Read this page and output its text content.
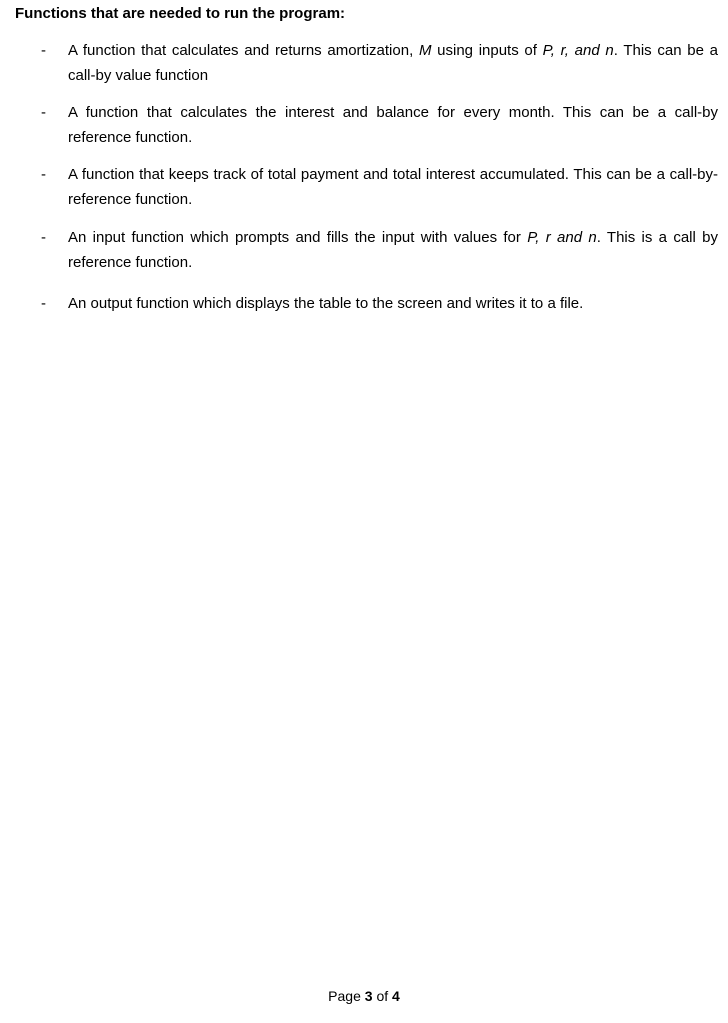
Functions that are needed to run the program:
- A function that calculates and returns amortization, M using inputs of P, r, and n. This can be a call-by value function
- A function that calculates the interest and balance for every month. This can be a call-by reference function.
- A function that keeps track of total payment and total interest accumulated. This can be a call-by-reference function.
- An input function which prompts and fills the input with values for P, r and n. This is a call by reference function.
- An output function which displays the table to the screen and writes it to a file.
Page 3 of 4
